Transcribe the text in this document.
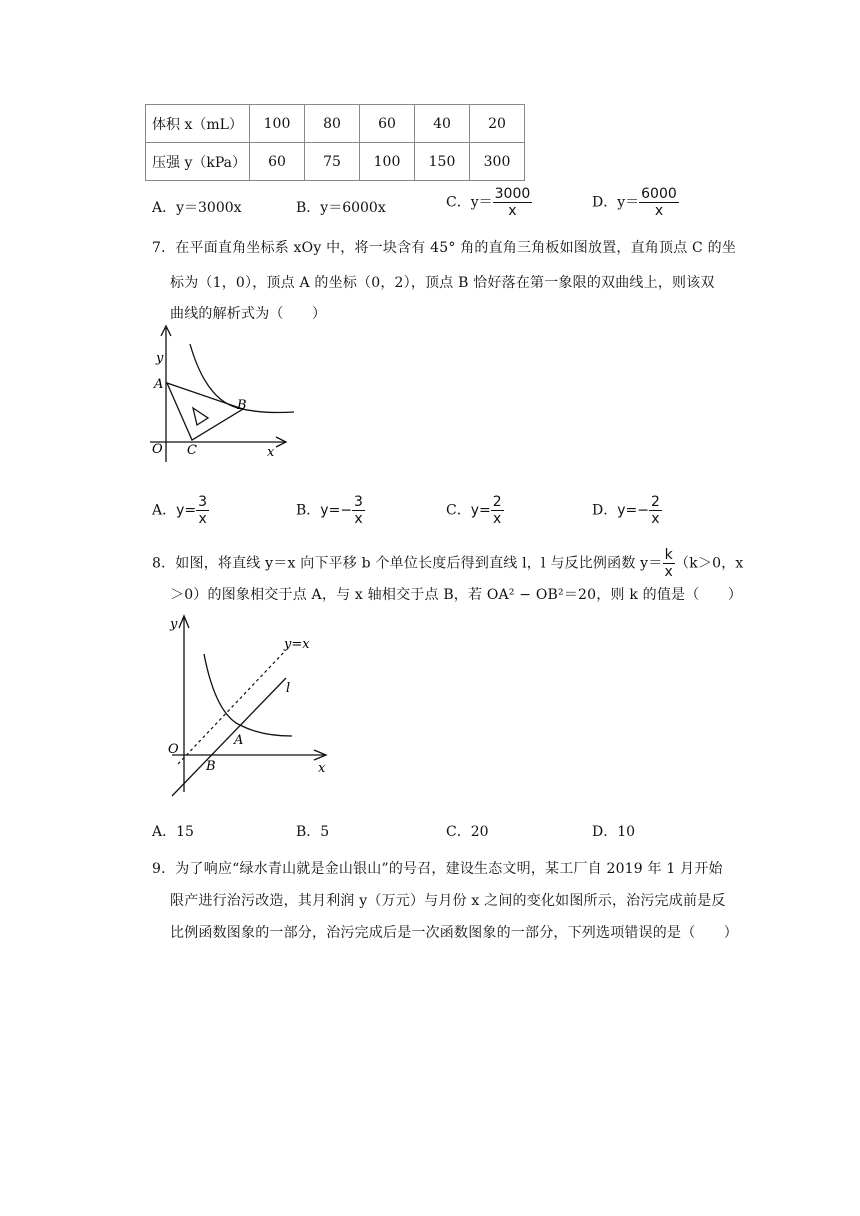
体积 x（mL）	100	80	60	40	20
压强 y（kPa）	60	75	100	150	300
A．y＝3000x	B．y＝6000x	C．$y= \frac{3000}{x}$	D．$y= \frac{6000}{x}$
7．在平面直角坐标系 xOy 中，将一块含有 45° 角的直角三角板如图放置，直角顶点 C 的坐
标为（1，0），顶点 A 的坐标（0，2），顶点 B 恰好落在第一象限的双曲线上，则该双
曲线的解析式为（　　）
y
x
O
A
B
C
A．$y= \frac{3}{x}$	B．$y=- \frac{3}{x}$	C．$y= \frac{2}{x}$	D．$y=- \frac{2}{x}$
8．如图，将直线 y＝x 向下平移 b 个单位长度后得到直线 l，l 与反比例函数 $y= \frac{k}{x} (k>0$，x
＞0）的图象相交于点 A，与 x 轴相交于点 B，若 OA² − OB²＝20，则 k 的值是（　　）
y
x
O
A
B
l
y=x
A．15	B．5	C．20	D．10
9．为了响应“绿水青山就是金山银山”的号召，建设生态文明，某工厂自 2019 年 1 月开始
限产进行治污改造，其月利润 y（万元）与月份 x 之间的变化如图所示，治污完成前是反
比例函数图象的一部分，治污完成后是一次函数图象的一部分，下列选项错误的是（　　）
